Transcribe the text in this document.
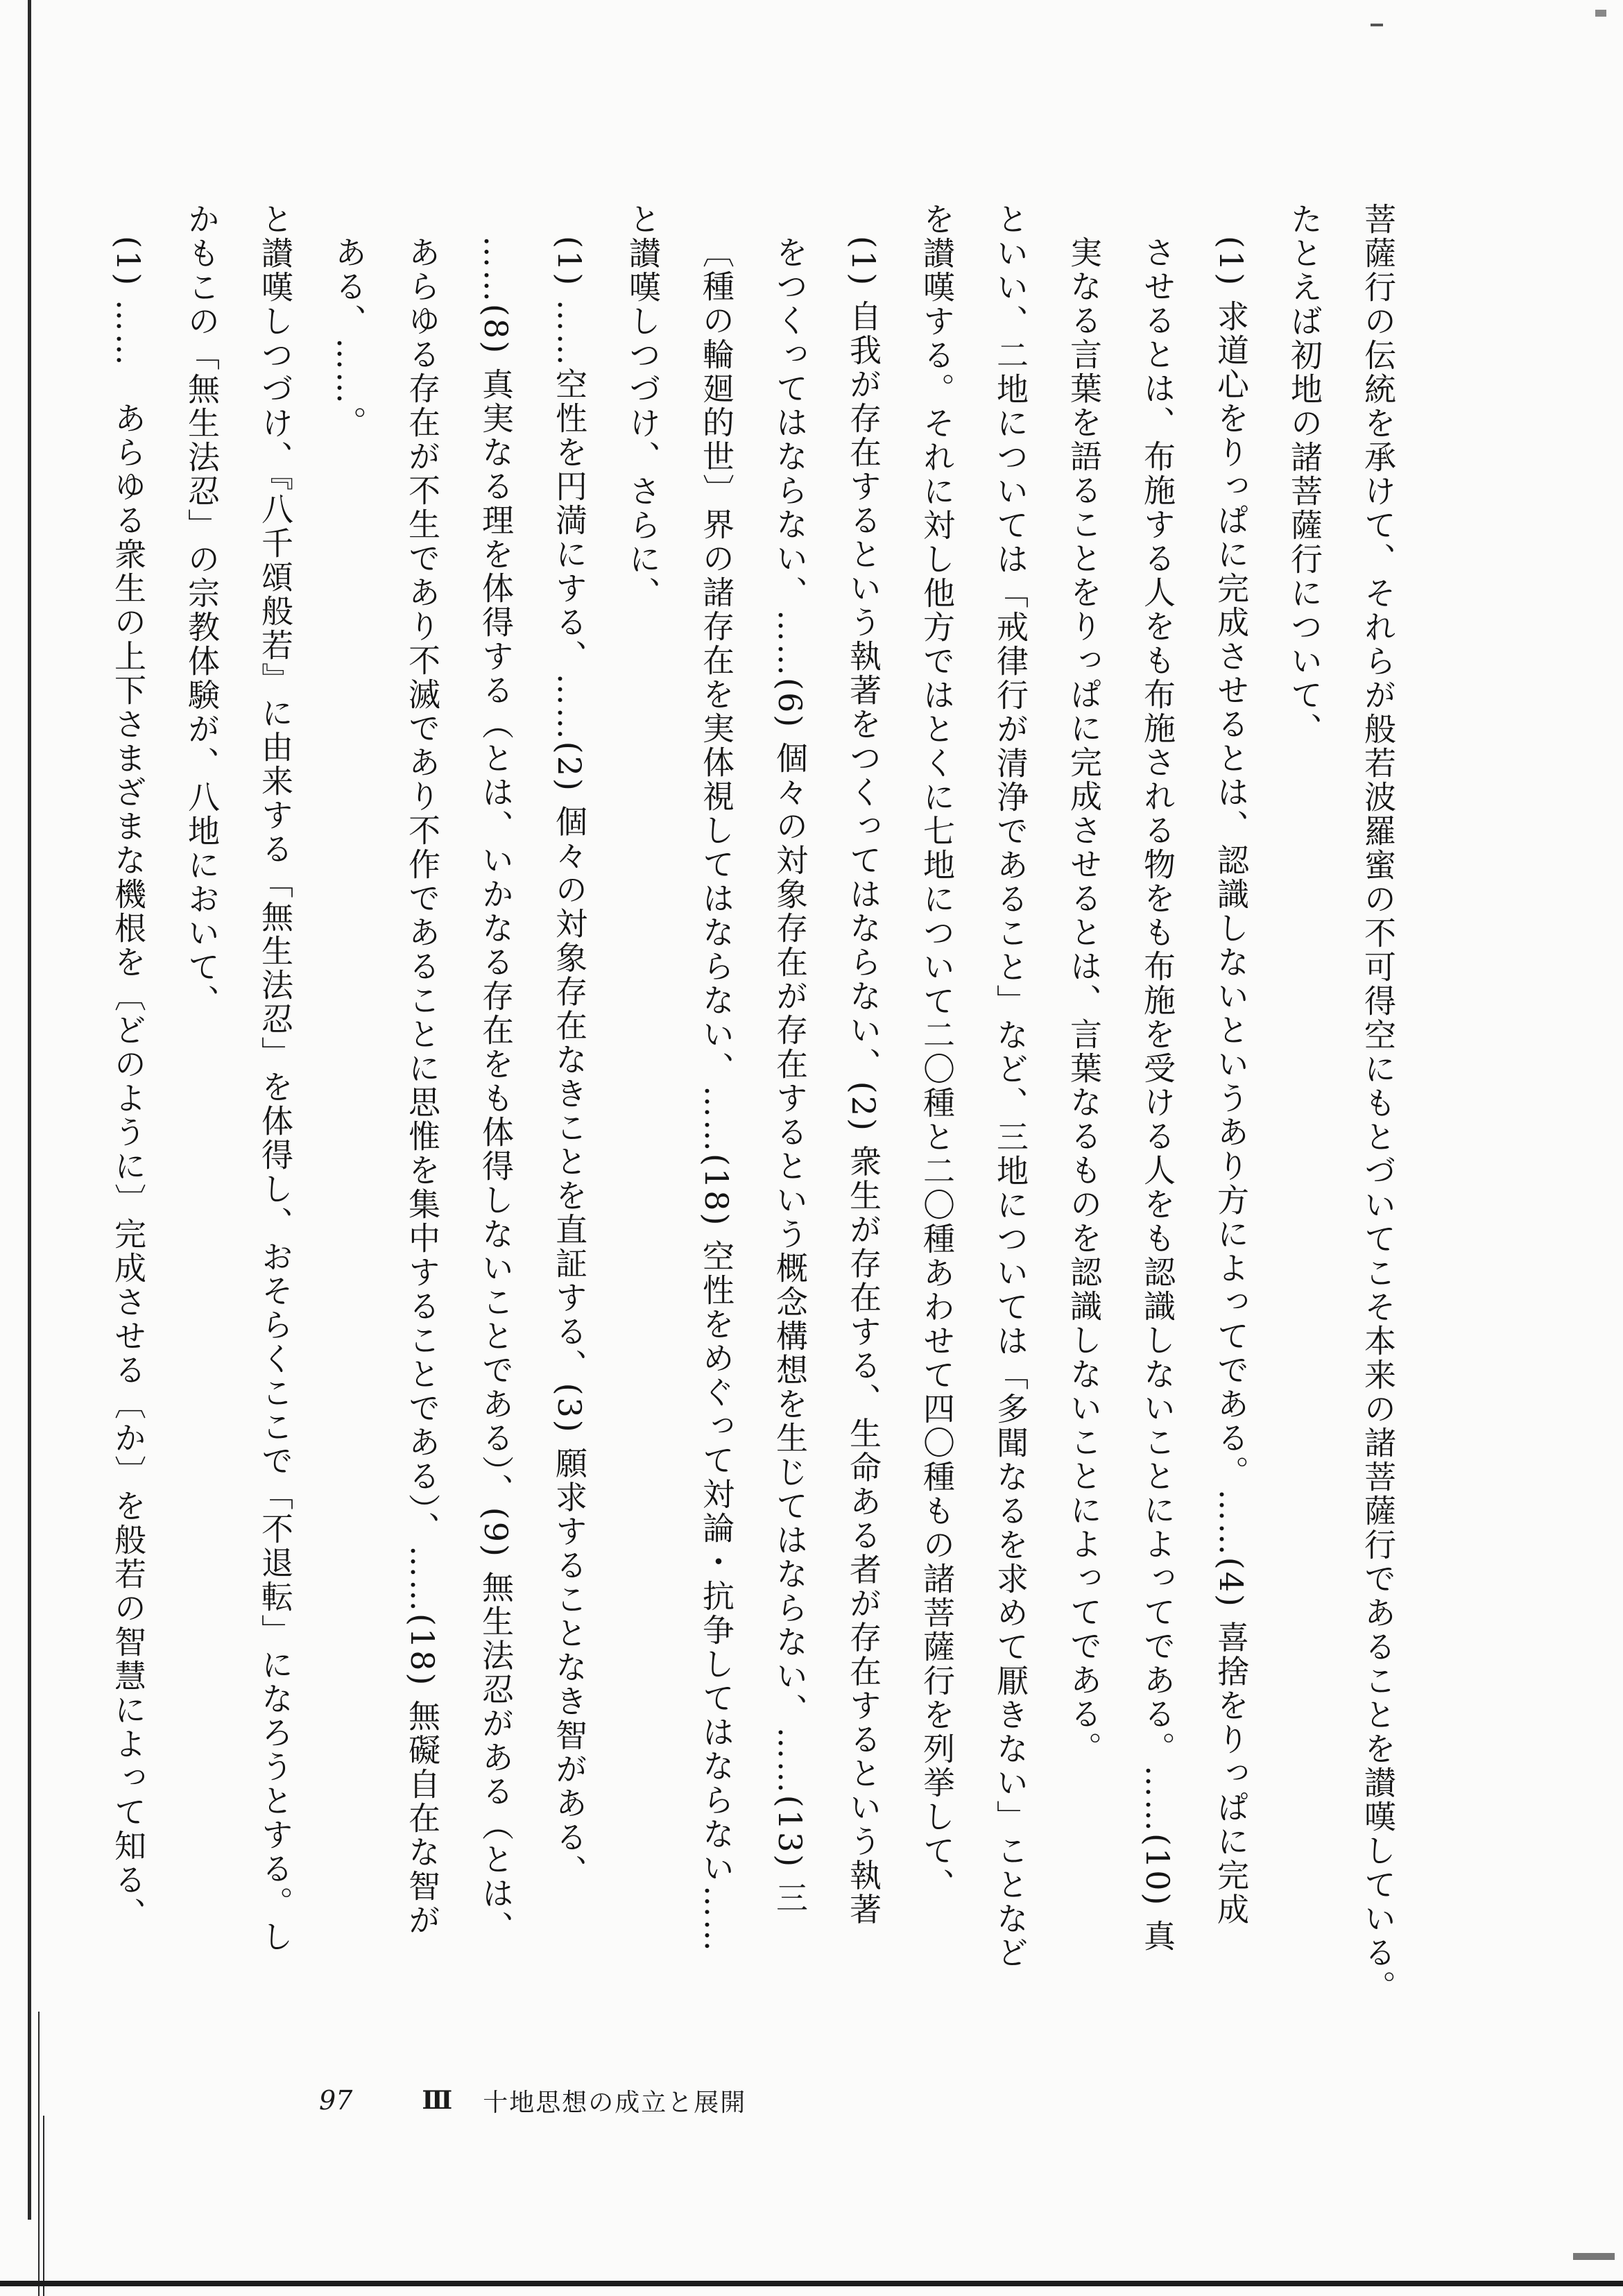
菩薩行の伝統を承けて、それらが般若波羅蜜の不可得空にもとづいてこそ本来の諸菩薩行であることを讃嘆している。

たとえば初地の諸菩薩行について、

(1) 求道心をりっぱに完成させるとは、認識しないというあり方によってである。……(4) 喜捨をりっぱに完成

させるとは、布施する人をも布施される物をも布施を受ける人をも認識しないことによってである。……(10) 真

実なる言葉を語ることをりっぱに完成させるとは、言葉なるものを認識しないことによってである。

といい、二地については「戒律行が清浄であること」など、三地については「多聞なるを求めて厭きない」ことなど

を讃嘆する。それに対し他方ではとくに七地について二〇種と二〇種あわせて四〇種もの諸菩薩行を列挙して、

(1) 自我が存在するという執著をつくってはならない、(2) 衆生が存在する、生命ある者が存在するという執著

をつくってはならない、……(6) 個々の対象存在が存在するという概念構想を生じてはならない、……(13) 三

〔種の輪廻的世〕界の諸存在を実体視してはならない、……(18) 空性をめぐって対論・抗争してはならない……

と讃嘆しつづけ、さらに、

(1) ……空性を円満にする、……(2) 個々の対象存在なきことを直証する、(3) 願求することなき智がある、

……(8) 真実なる理を体得する（とは、いかなる存在をも体得しないことである）、(9) 無生法忍がある（とは、

あらゆる存在が不生であり不滅であり不作であることに思惟を集中することである）、……(18) 無礙自在な智が

ある、……。

と讃嘆しつづけ、『八千頌般若』に由来する「無生法忍」を体得し、おそらくここで「不退転」になろうとする。し

かもこの「無生法忍」の宗教体験が、八地において、

(1) ……　あらゆる衆生の上下さまざまな機根を〔どのように〕完成させる〔か〕を般若の智慧によって知る、

97	Ⅲ 十地思想の成立と展開
